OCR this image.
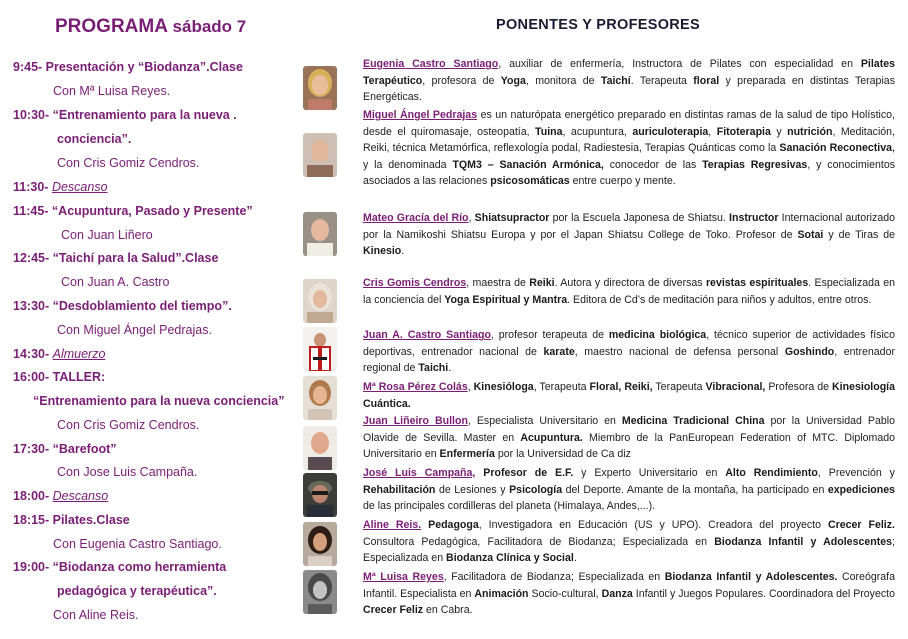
PROGRAMA sábado 7
9:45- Presentación y “Biodanza”.Clase
Con Mª Luisa Reyes.
10:30- “Entrenamiento para la nueva .
conciencia”.
Con Cris Gomiz Cendros.
11:30- Descanso
11:45- “Acupuntura, Pasado y Presente”
Con Juan Liñero
12:45- “Taichí para la Salud”.Clase
Con Juan A. Castro
13:30- “Desdoblamiento del tiempo”.
Con Miguel Ángel Pedrajas.
14:30- Almuerzo
16:00- TALLER:
“Entrenamiento para la nueva conciencia”
Con Cris Gomiz Cendros.
17:30- “Barefoot”
Con Jose Luis Campaña.
18:00- Descanso
18:15- Pilates.Clase
Con Eugenia Castro Santiago.
19:00- “Biodanza como herramienta
pedagógica y terapéutica”.
Con Aline Reis.
PONENTES Y PROFESORES
Eugenia Castro Santiago, auxiliar de enfermería, Instructora de Pilates con especialidad en Pilates Terapéutico, profesora de Yoga, monitora de Taichí. Terapeuta floral y preparada en distintas Terapias Energéticas.
Miguel Ángel Pedrajas es un naturópata energético preparado en distintas ramas de la salud de tipo Holístico, desde el quiromasaje, osteopatía, Tuina, acupuntura, auriculoterapia, Fitoterapia y nutrición, Meditación, Reiki, técnica Metamórfica, reflexología podal, Radiestesia, Terapias Quánticas como la Sanación Reconectiva, y la denominada TQM3 – Sanación Armónica, conocedor de las Terapias Regresivas, y conocimientos asociados a las relaciones psicosomáticas entre cuerpo y mente.
Mateo Gracía del Río, Shiatsupractor por la Escuela Japonesa de Shiatsu. Instructor Internacional autorizado por la Namikoshi Shiatsu Europa y por el Japan Shiatsu College de Toko. Profesor de Sotai y de Tiras de Kinesio.
Cris Gomis Cendros, maestra de Reiki. Autora y directora de diversas revistas espirituales. Especializada en la conciencia del Yoga Espiritual y Mantra. Editora de Cd’s de meditación para niños y adultos, entre otros.
Juan A. Castro Santiago, profesor terapeuta de medicina biológica, técnico superior de actividades físico deportivas, entrenador nacional de karate, maestro nacional de defensa personal Goshindo, entrenador regional de Taichi.
Mª Rosa Pérez Colás, Kinesióloga, Terapeuta Floral, Reiki, Terapeuta Vibracional, Profesora de Kinesiología Cuántica.
Juan Liñeiro Bullon, Especialista Universitario en Medicina Tradicional China por la Universidad Pablo Olavide de Sevilla. Master en Acupuntura. Miembro de la PanEuropean Federation of MTC. Diplomado Universitario en Enfermería por la Universidad de Ca diz
José Luis Campaña, Profesor de E.F. y Experto Universitario en Alto Rendimiento, Prevención y Rehabilitación de Lesiones y Psicología del Deporte. Amante de la montaña, ha participado en expediciones de las principales cordilleras del planeta (Himalaya, Andes,...).
Aline Reis. Pedagoga, Investigadora en Educación (US y UPO). Creadora del proyecto Crecer Feliz. Consultora Pedagógica, Facilitadora de Biodanza; Especializada en Biodanza Infantil y Adolescentes; Especializada en Biodanza Clínica y Social.
Mª Luisa Reyes, Facilitadora de Biodanza; Especializada en Biodanza Infantil y Adolescentes. Coreógrafa Infantil. Especialista en Animación Socio-cultural, Danza Infantil y Juegos Populares. Coordinadora del Proyecto Crecer Feliz en Cabra.
